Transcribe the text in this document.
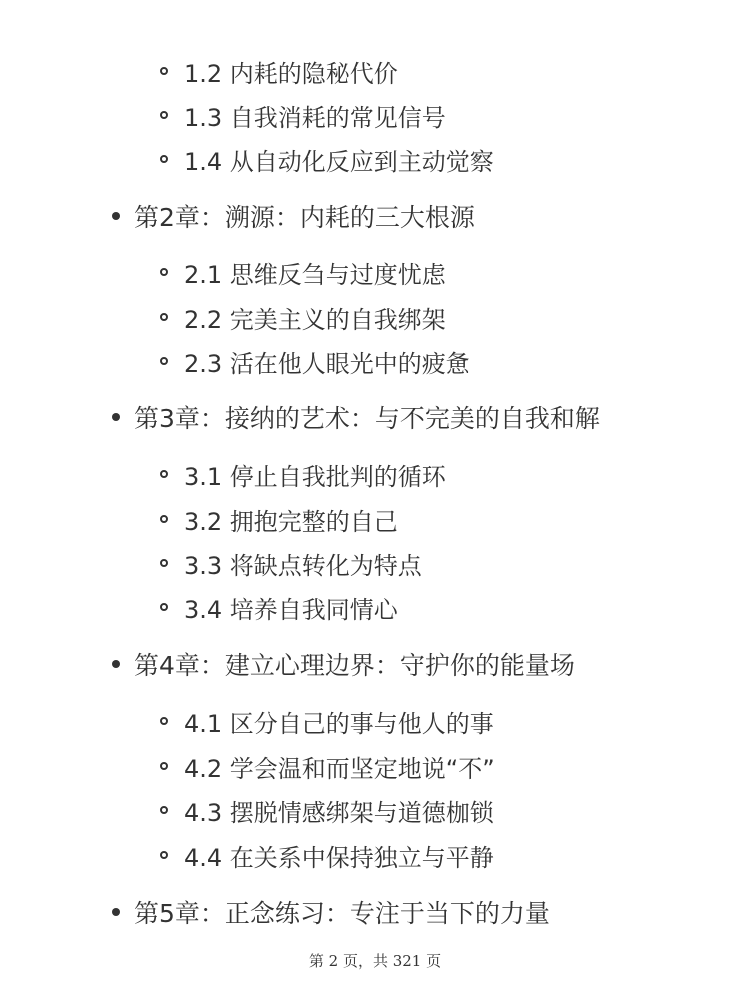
1.2 内耗的隐秘代价
1.3 自我消耗的常见信号
1.4 从自动化反应到主动觉察
第2章：溯源：内耗的三大根源
2.1 思维反刍与过度忧虑
2.2 完美主义的自我绑架
2.3 活在他人眼光中的疲惫
第3章：接纳的艺术：与不完美的自我和解
3.1 停止自我批判的循环
3.2 拥抱完整的自己
3.3 将缺点转化为特点
3.4 培养自我同情心
第4章：建立心理边界：守护你的能量场
4.1 区分自己的事与他人的事
4.2 学会温和而坚定地说“不”
4.3 摆脱情感绑架与道德枷锁
4.4 在关系中保持独立与平静
第5章：正念练习：专注于当下的力量
第 2 页，共 321 页
